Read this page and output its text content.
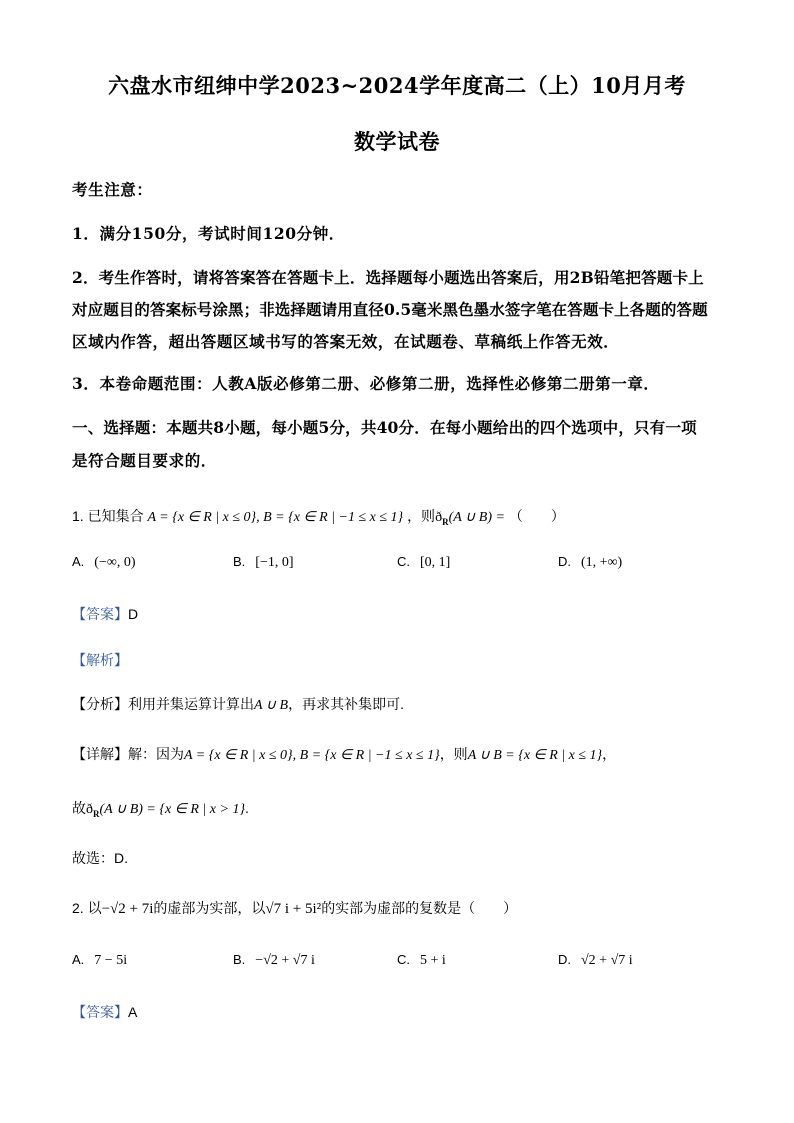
六盘水市纽绅中学2023~2024学年度高二（上）10月月考
数学试卷
考生注意：
1．满分150分，考试时间120分钟．
2．考生作答时，请将答案答在答题卡上．选择题每小题选出答案后，用2B铅笔把答题卡上
对应题目的答案标号涂黑；非选择题请用直径0.5毫米黑色墨水签字笔在答题卡上各题的答题
区域内作答，超出答题区域书写的答案无效，在试题卷、草稿纸上作答无效．
3．本卷命题范围：人教A版必修第二册、必修第二册，选择性必修第二册第一章．
一、选择题：本题共8小题，每小题5分，共40分．在每小题给出的四个选项中，只有一项
是符合题目要求的．
1. 已知集合 A = {x ∈ R | x ≤ 0}, B = {x ∈ R | −1 ≤ x ≤ 1} ，则$ð_R(A$ ∪ B) = （　　）
A. (−∞, 0)	B. [−1, 0]	C. [0, 1]	D. (1, +∞)
【答案】D
【解析】
【分析】利用并集运算计算出A ∪ B，再求其补集即可.
【详解】解：因为A = {x ∈ R | x ≤ 0}, B = {x ∈ R | −1 ≤ x ≤ 1}，则A ∪ B = {x ∈ R | x ≤ 1}，
故$ð_R(A$ ∪ B) = {x ∈ R | x > 1}.
故选：D.
2. 以−√2 + 7i的虚部为实部，以√7 i + 5i²的实部为虚部的复数是（　　）
A. 7 − 5i	B. −√2 + √7 i	C. 5 + i	D. √2 + √7 i
【答案】A
